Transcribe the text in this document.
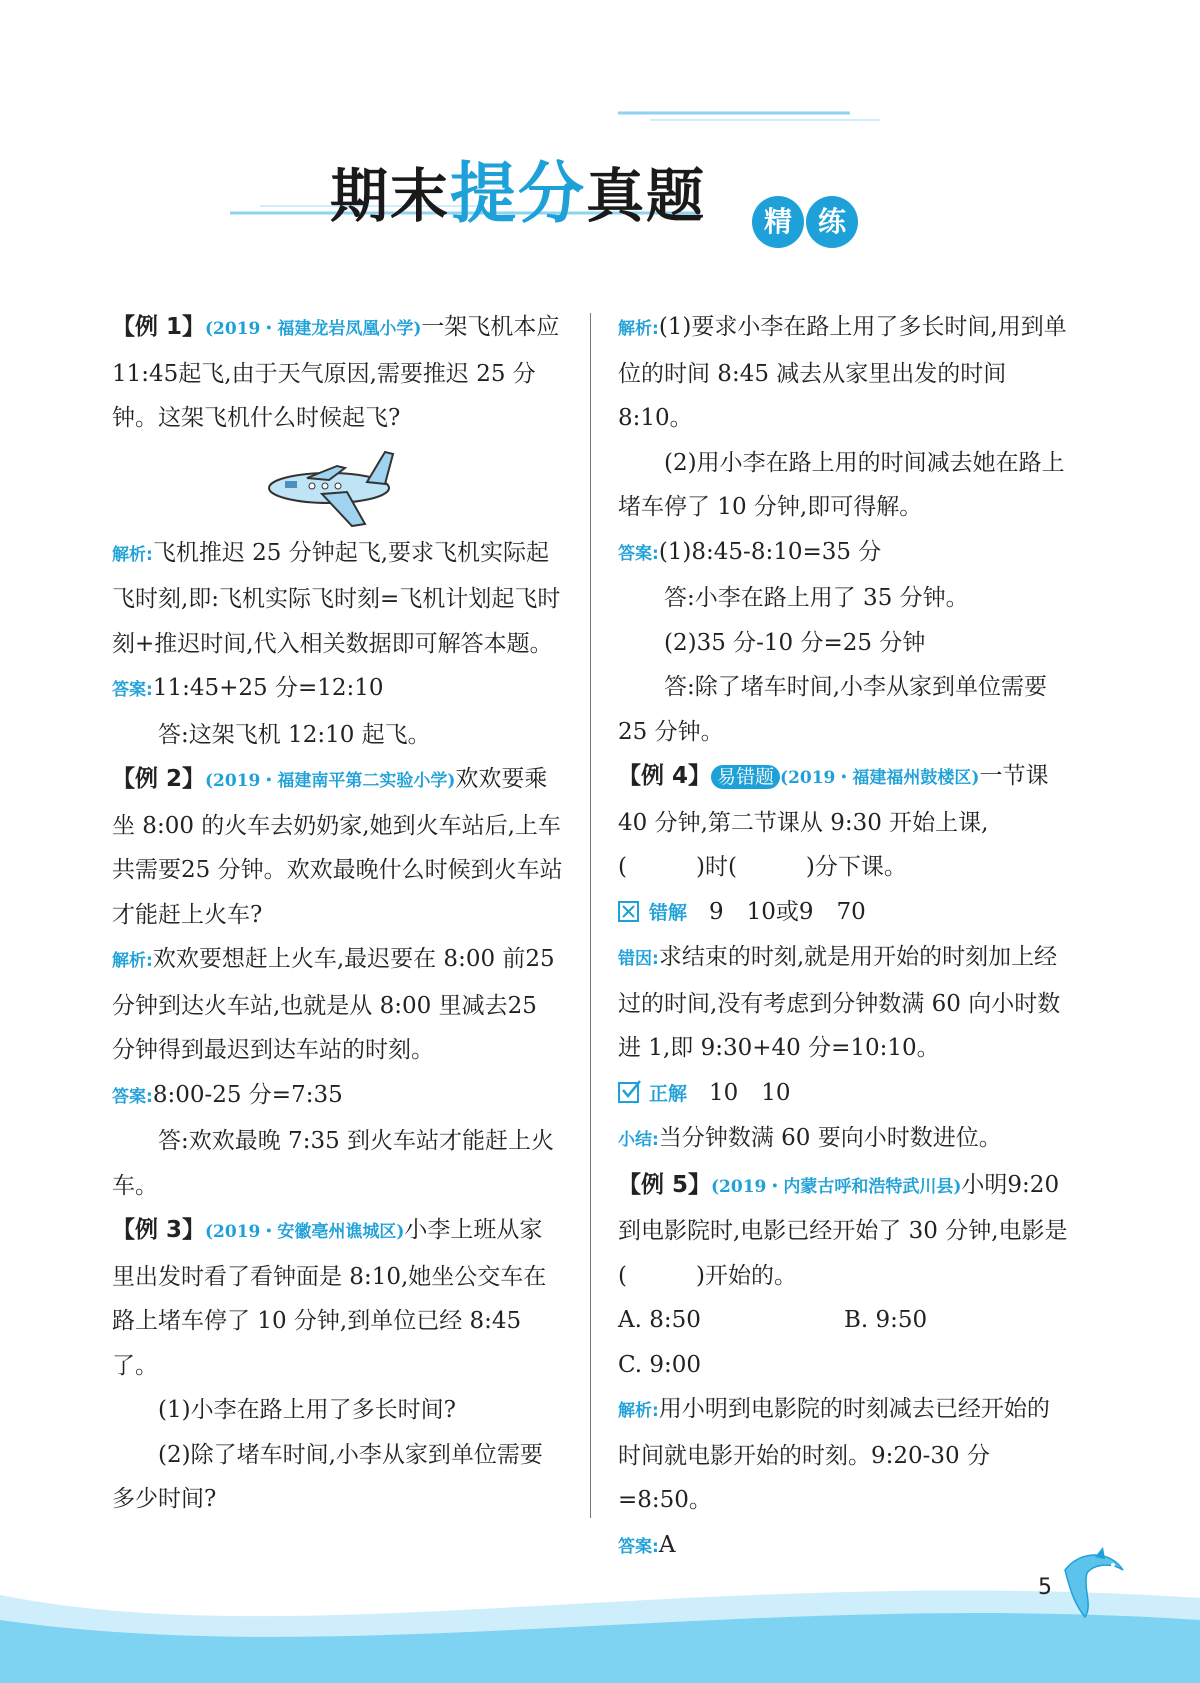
期末提分真题	精 练

【例 1】(2019・福建龙岩凤凰小学)一架飞机本应11:45起飞,由于天气原因,需要推迟 25 分钟。这架飞机什么时候起飞?

解析:飞机推迟 25 分钟起飞,要求飞机实际起飞时刻,即:飞机实际飞时刻=飞机计划起飞时刻+推迟时间,代入相关数据即可解答本题。

答案:11:45+25 分=12:10

答:这架飞机 12:10 起飞。

【例 2】(2019・福建南平第二实验小学)欢欢要乘坐 8:00 的火车去奶奶家,她到火车站后,上车共需要25 分钟。欢欢最晚什么时候到火车站才能赶上火车?

解析:欢欢要想赶上火车,最迟要在 8:00 前25 分钟到达火车站,也就是从 8:00 里减去25 分钟得到最迟到达车站的时刻。

答案:8:00-25 分=7:35

答:欢欢最晚 7:35 到火车站才能赶上火车。

【例 3】(2019・安徽亳州谯城区)小李上班从家里出发时看了看钟面是 8:10,她坐公交车在路上堵车停了 10 分钟,到单位已经 8:45 了。

(1)小李在路上用了多长时间?

(2)除了堵车时间,小李从家到单位需要多少时间?

解析:(1)要求小李在路上用了多长时间,用到单位的时间 8:45 减去从家里出发的时间8:10。

(2)用小李在路上用的时间减去她在路上堵车停了 10 分钟,即可得解。

答案:(1)8:45-8:10=35 分

答:小李在路上用了 35 分钟。

(2)35 分-10 分=25 分钟

答:除了堵车时间,小李从家到单位需要25 分钟。

【例 4】 易错题 (2019・福建福州鼓楼区)一节课40 分钟,第二节课从 9:30 开始上课,(　　　)时(　　　)分下课。

错解 9　10或9　70

错因:求结束的时刻,就是用开始的时刻加上经过的时间,没有考虑到分钟数满 60 向小时数进 1,即 9:30+40 分=10:10。

正解 10　10

小结:当分钟数满 60 要向小时数进位。

【例 5】(2019・内蒙古呼和浩特武川县)小明9:20到电影院时,电影已经开始了 30 分钟,电影是(　　　)开始的。

A. 8:50	B. 9:50
C. 9:00

解析:用小明到电影院的时刻减去已经开始的时间就电影开始的时刻。9:20-30 分=8:50。

答案:A

5
